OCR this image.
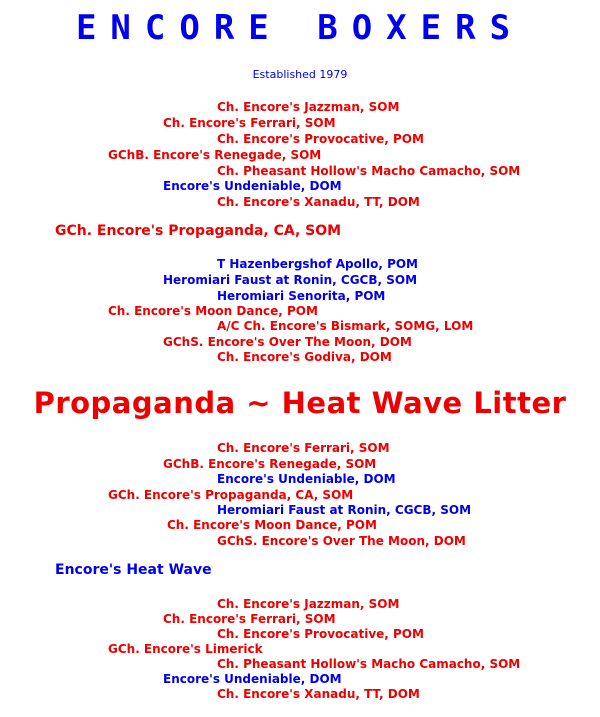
ENCORE BOXERS
Established 1979
Ch. Encore's Jazzman, SOM
Ch. Encore's Ferrari, SOM
Ch. Encore's Provocative, POM
GChB. Encore's Renegade, SOM
Ch. Pheasant Hollow's Macho Camacho, SOM
Encore's Undeniable, DOM
Ch. Encore's Xanadu, TT, DOM
GCh. Encore's Propaganda, CA, SOM
T Hazenbergshof Apollo, POM
Heromiari Faust at Ronin, CGCB, SOM
Heromiari Senorita, POM
Ch. Encore's Moon Dance, POM
A/C Ch. Encore's Bismark, SOMG, LOM
GChS. Encore's Over The Moon, DOM
Ch. Encore's Godiva, DOM
Propaganda ~ Heat Wave Litter
Ch. Encore's Ferrari, SOM
GChB. Encore's Renegade, SOM
Encore's Undeniable, DOM
GCh. Encore's Propaganda, CA, SOM
Heromiari Faust at Ronin, CGCB, SOM
Ch. Encore's Moon Dance, POM
GChS. Encore's Over The Moon, DOM
Encore's Heat Wave
Ch. Encore's Jazzman, SOM
Ch. Encore's Ferrari, SOM
Ch. Encore's Provocative, POM
GCh. Encore's Limerick
Ch. Pheasant Hollow's Macho Camacho, SOM
Encore's Undeniable, DOM
Ch. Encore's Xanadu, TT, DOM
